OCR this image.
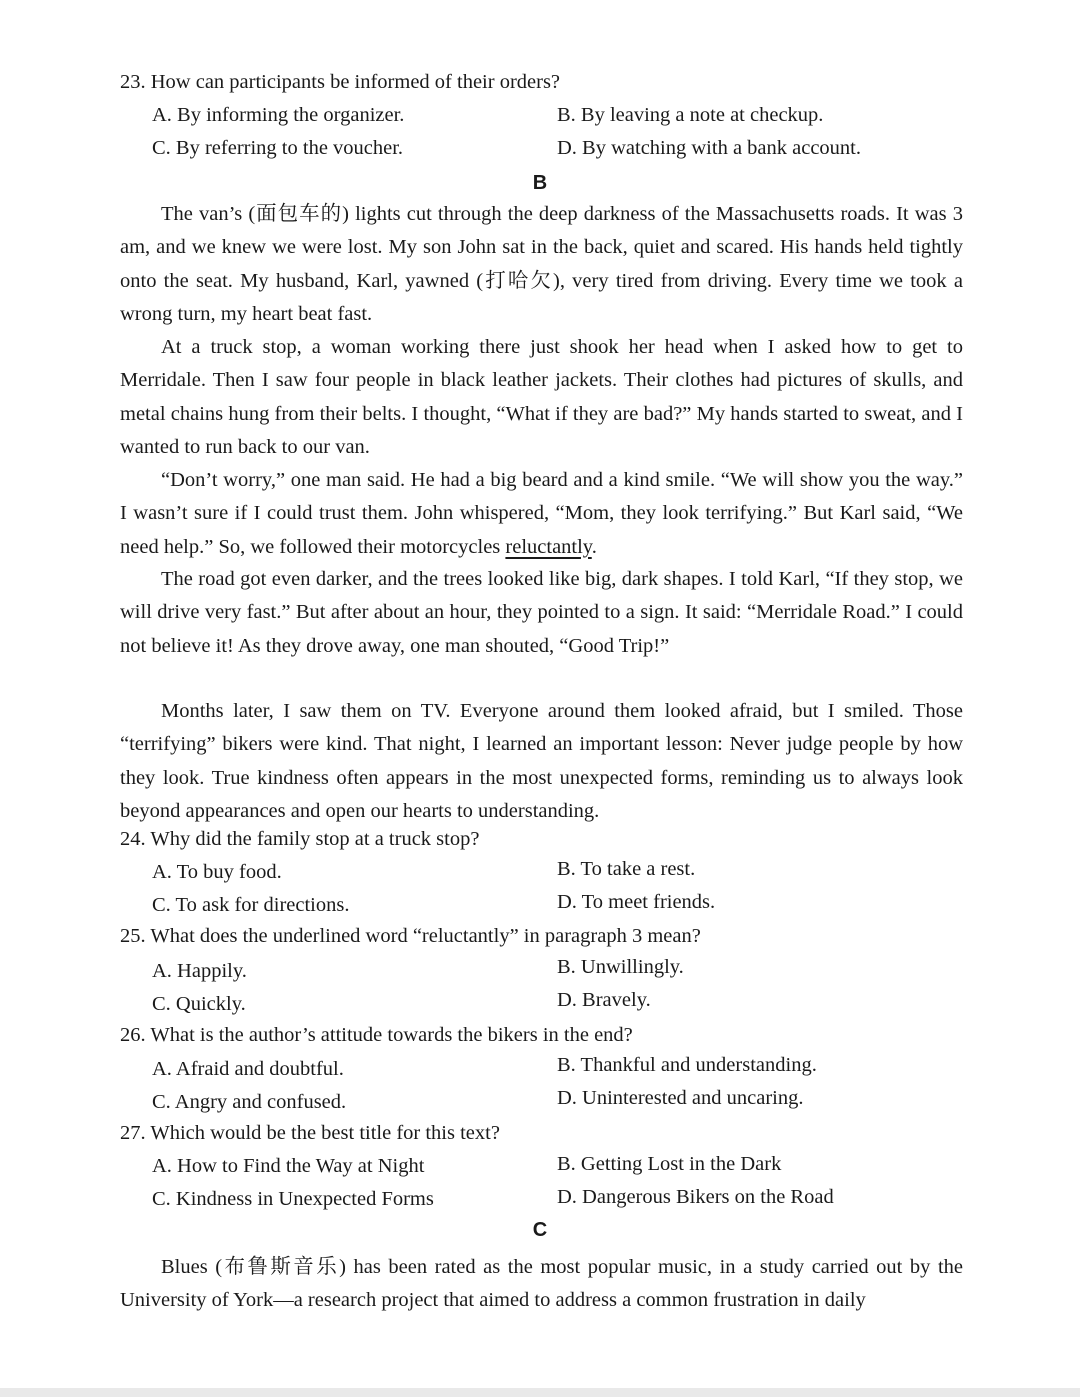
23. How can participants be informed of their orders?
A. By informing the organizer.	B. By leaving a note at checkup.
C. By referring to the voucher.	D. By watching with a bank account.
B
The van’s (面包车的) lights cut through the deep darkness of the Massachusetts roads. It was 3 am, and we knew we were lost. My son John sat in the back, quiet and scared. His hands held tightly onto the seat. My husband, Karl, yawned (打哈欠), very tired from driving. Every time we took a wrong turn, my heart beat fast.
At a truck stop, a woman working there just shook her head when I asked how to get to Merridale. Then I saw four people in black leather jackets. Their clothes had pictures of skulls, and metal chains hung from their belts. I thought, “What if they are bad?” My hands started to sweat, and I wanted to run back to our van.
“Don’t worry,” one man said. He had a big beard and a kind smile. “We will show you the way.” I wasn’t sure if I could trust them. John whispered, “Mom, they look terrifying.” But Karl said, “We need help.” So, we followed their motorcycles reluctantly.
The road got even darker, and the trees looked like big, dark shapes. I told Karl, “If they stop, we will drive very fast.” But after about an hour, they pointed to a sign. It said: “Merridale Road.” I could not believe it! As they drove away, one man shouted, “Good Trip!”
Months later, I saw them on TV. Everyone around them looked afraid, but I smiled. Those “terrifying” bikers were kind. That night, I learned an important lesson: Never judge people by how they look. True kindness often appears in the most unexpected forms, reminding us to always look beyond appearances and open our hearts to understanding.
24. Why did the family stop at a truck stop?
A. To buy food.	B. To take a rest.
C. To ask for directions.	D. To meet friends.
25. What does the underlined word “reluctantly” in paragraph 3 mean?
A. Happily.	B. Unwillingly.
C. Quickly.	D. Bravely.
26. What is the author’s attitude towards the bikers in the end?
A. Afraid and doubtful.	B. Thankful and understanding.
C. Angry and confused.	D. Uninterested and uncaring.
27. Which would be the best title for this text?
A. How to Find the Way at Night	B. Getting Lost in the Dark
C. Kindness in Unexpected Forms	D. Dangerous Bikers on the Road
C
Blues (布鲁斯音乐) has been rated as the most popular music, in a study carried out by the University of York—a research project that aimed to address a common frustration in daily
